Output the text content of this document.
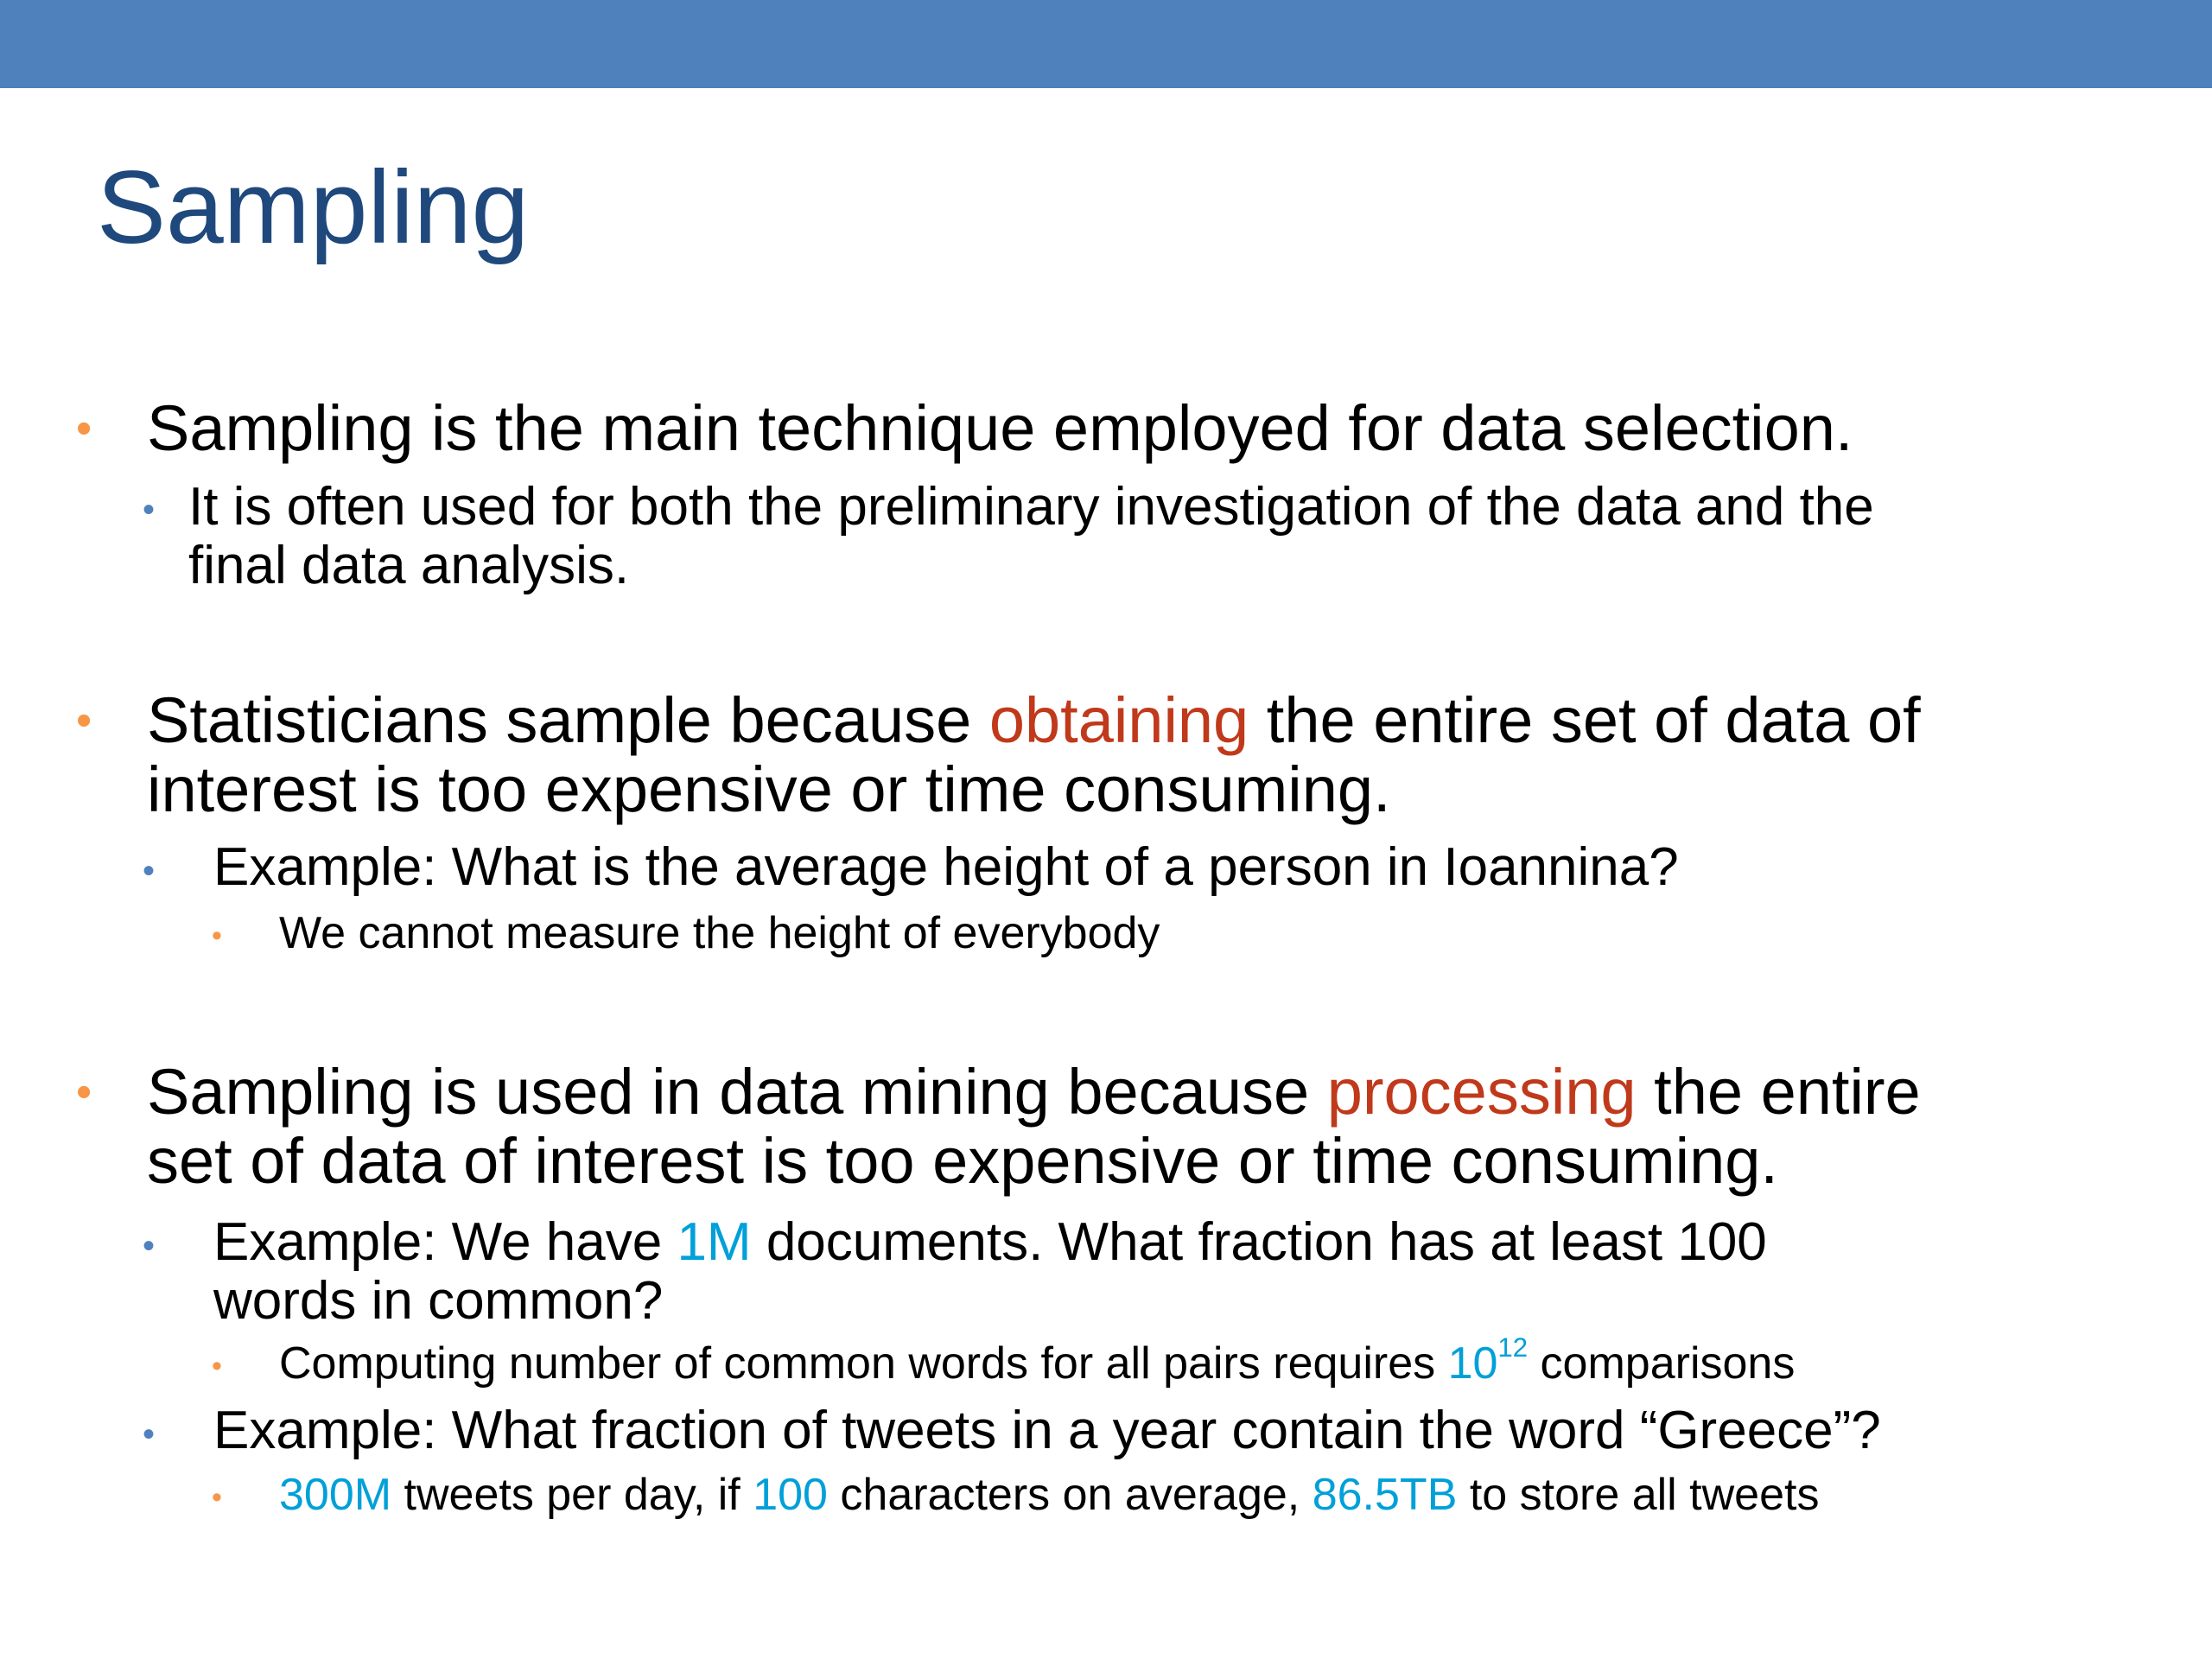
Sampling
• Sampling is the main technique employed for data selection.
• It is often used for both the preliminary investigation of the data and the
final data analysis.
• Statisticians sample because obtaining the entire set of data of
interest is too expensive or time consuming.
• Example: What is the average height of a person in Ioannina?
• We cannot measure the height of everybody
• Sampling is used in data mining because processing the entire
set of data of interest is too expensive or time consuming.
• Example: We have 1M documents. What fraction has at least 100
words in common?
• Computing number of common words for all pairs requires $10^{12}$ comparisons
• Example: What fraction of tweets in a year contain the word “Greece”?
• 300M tweets per day, if 100 characters on average, 86.5TB to store all tweets
